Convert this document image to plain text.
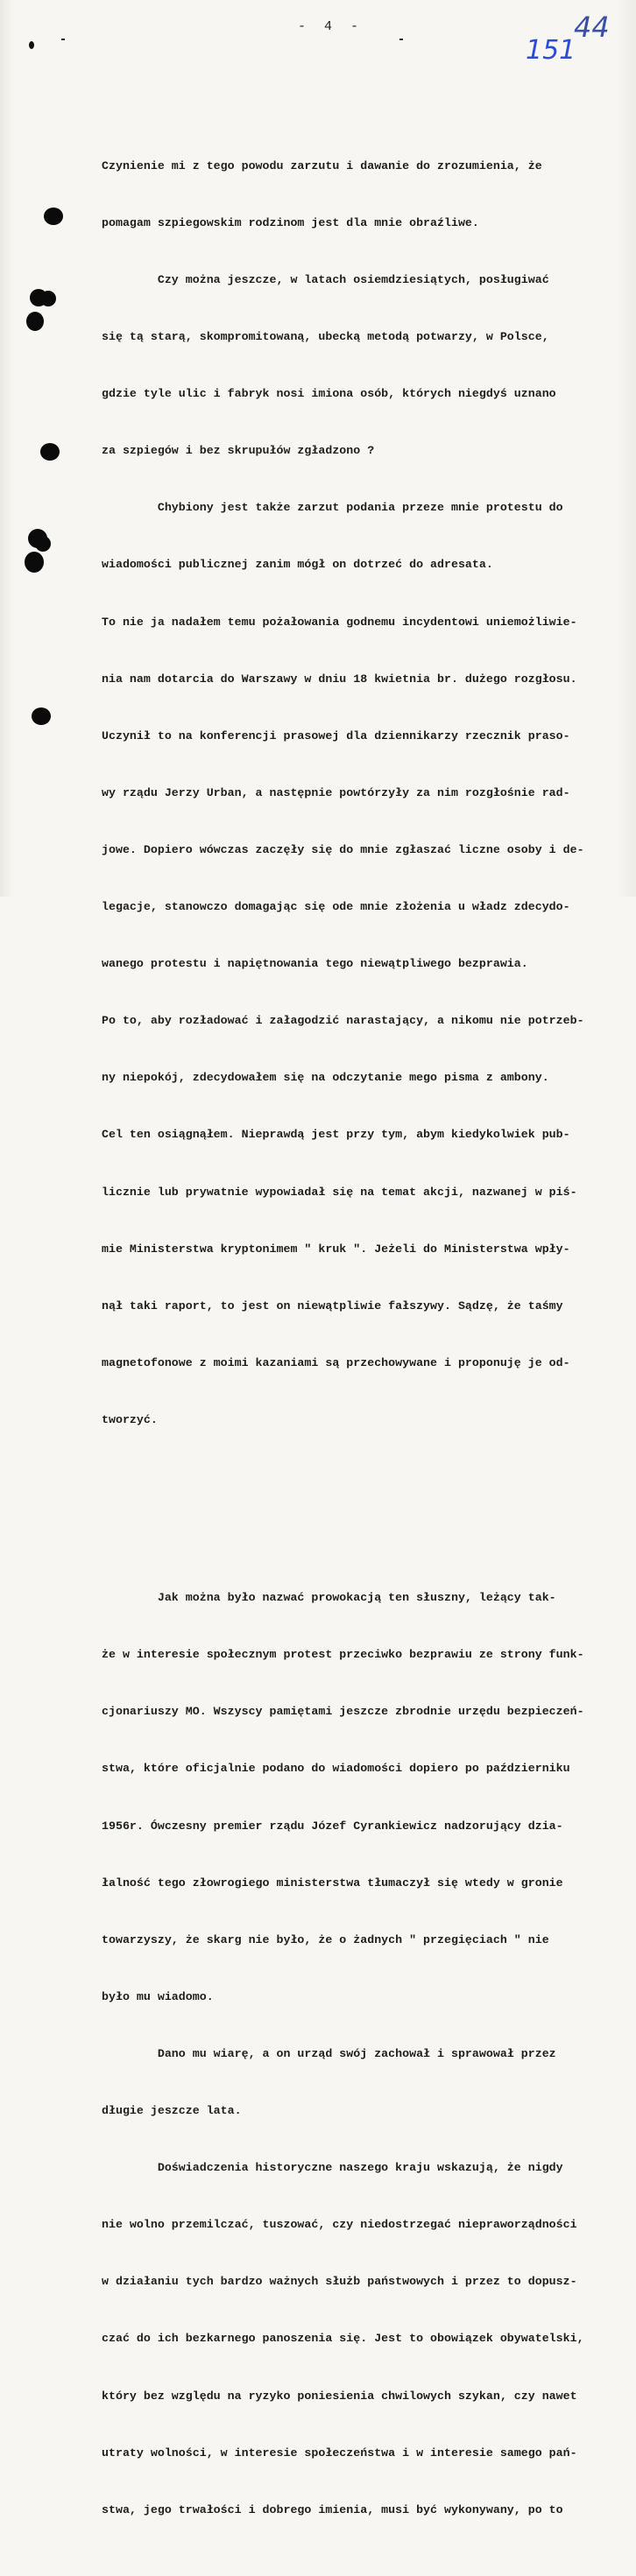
- 4 -	44
151

Czynienie mi z tego powodu zarzutu i dawanie do zrozumienia, że

pomagam szpiegowskim rodzinom jest dla mnie obraźliwe.

Czy można jeszcze, w latach osiemdziesiątych, posługiwać

się tą starą, skompromitowaną, ubecką metodą potwarzy, w Polsce,

gdzie tyle ulic i fabryk nosi imiona osób, których niegdyś uznano

za szpiegów i bez skrupułów zgładzono ?

Chybiony jest także zarzut podania przeze mnie protestu do

wiadomości publicznej zanim mógł on dotrzeć do adresata.

To nie ja nadałem temu pożałowania godnemu incydentowi uniemożliwie-

nia nam dotarcia do Warszawy w dniu 18 kwietnia br. dużego rozgłosu.

Uczynił to na konferencji prasowej dla dziennikarzy rzecznik praso-

wy rządu Jerzy Urban, a następnie powtórzyły za nim rozgłośnie rad-

jowe. Dopiero wówczas zaczęły się do mnie zgłaszać liczne osoby i de-

legacje, stanowczo domagając się ode mnie złożenia u władz zdecydo-

wanego protestu i napiętnowania tego niewątpliwego bezprawia.

Po to, aby rozładować i załagodzić narastający, a nikomu nie potrzeb-

ny niepokój, zdecydowałem się na odczytanie mego pisma z ambony.

Cel ten osiągnąłem. Nieprawdą jest przy tym, abym kiedykolwiek pub-

licznie lub prywatnie wypowiadał się na temat akcji, nazwanej w piś-

mie Ministerstwa kryptonimem " kruk ". Jeżeli do Ministerstwa wpły-

nął taki raport, to jest on niewątpliwie fałszywy. Sądzę, że taśmy

magnetofonowe z moimi kazaniami są przechowywane i proponuję je od-

tworzyć.

Jak można było nazwać prowokacją ten słuszny, leżący tak-

że w interesie społecznym protest przeciwko bezprawiu ze strony funk-

cjonariuszy MO. Wszyscy pamiętami jeszcze zbrodnie urzędu bezpieczeń-

stwa, które oficjalnie podano do wiadomości dopiero po październiku

1956r. Ówczesny premier rządu Józef Cyrankiewicz nadzorujący dzia-

łalność tego złowrogiego ministerstwa tłumaczył się wtedy w gronie

towarzyszy, że skarg nie było, że o żadnych " przegięciach " nie

było mu wiadomo.

Dano mu wiarę, a on urząd swój zachował i sprawował przez

długie jeszcze lata.

Doświadczenia historyczne naszego kraju wskazują, że nigdy

nie wolno przemilczać, tuszować, czy niedostrzegać niepraworządności

w działaniu tych bardzo ważnych służb państwowych i przez to dopusz-

czać do ich bezkarnego panoszenia się. Jest to obowiązek obywatelski,

który bez względu na ryzyko poniesienia chwilowych szykan, czy nawet

utraty wolności, w interesie społeczeństwa i w interesie samego pań-

stwa, jego trwałości i dobrego imienia, musi być wykonywany, po to
